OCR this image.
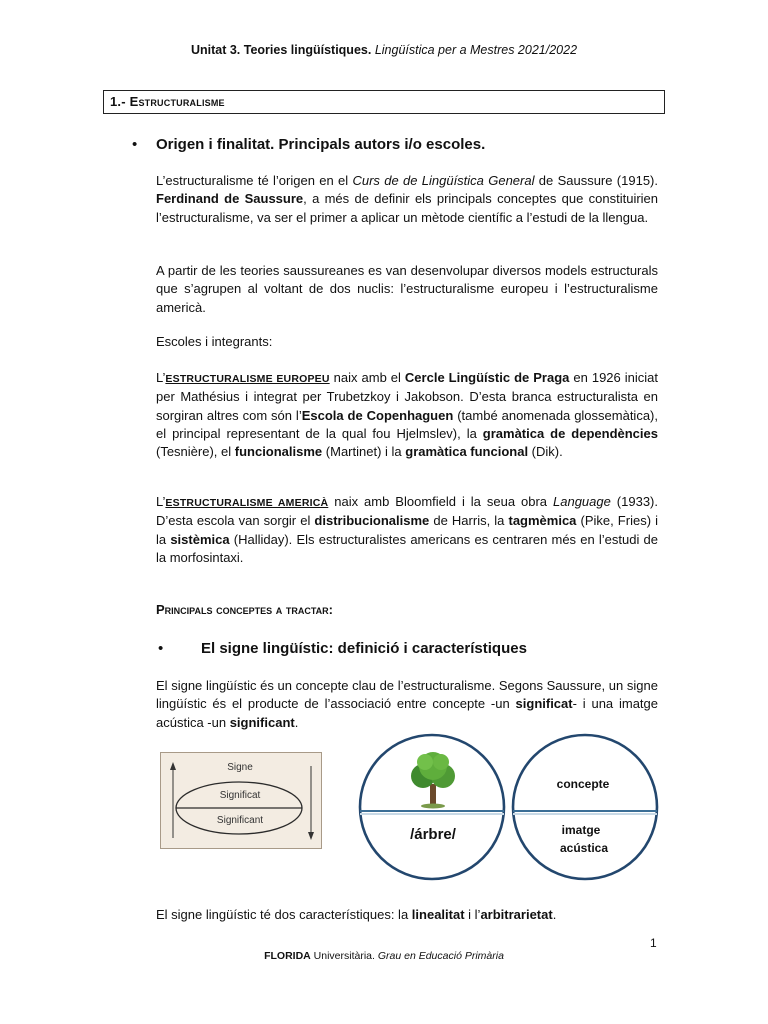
Unitat 3. Teories lingüístiques. Lingüística per a Mestres 2021/2022
1.- Estructuralisme
• Origen i finalitat. Principals autors i/o escoles.
L’estructuralisme té l’origen en el Curs de de Lingüística General de Saussure (1915). Ferdinand de Saussure, a més de definir els principals conceptes que constituirien l’estructuralisme, va ser el primer a aplicar un mètode científic a l’estudi de la llengua.
A partir de les teories saussureanes es van desenvolupar diversos models estructurals que s’agrupen al voltant de dos nuclis: l’estructuralisme europeu i l’estructuralisme americà.
Escoles i integrants:
L’ESTRUCTURALISME EUROPEU naix amb el Cercle Lingüístic de Praga en 1926 iniciat per Mathésius i integrat per Trubetzkoy i Jakobson. D’esta branca estructuralista en sorgiran altres com són l’Escola de Copenhaguen (també anomenada glossemàtica), el principal representant de la qual fou Hjelmslev), la gramàtica de dependències (Tesnière), el funcionalisme (Martinet) i la gramàtica funcional (Dik).
L’ESTRUCTURALISME AMERICÀ naix amb Bloomfield i la seua obra Language (1933). D’esta escola van sorgir el distribucionalisme de Harris, la tagmèmica (Pike, Fries) i la sistèmica (Halliday). Els estructuralistes americans es centraren més en l’estudi de la morfosintaxi.
Principals conceptes a tractar:
•	El signe lingüístic: definició i característiques
El signe lingüístic és un concepte clau de l’estructuralisme. Segons Saussure, un signe lingüístic és el producte de l’associació entre concepte -un significat- i una imatge acústica -un significant.
Signe
Significat
Significant
/árbre/
concepte
imatge
acústica
El signe lingüístic té dos característiques: la linealitat i l’arbitrarietat.
1
FLORIDA Universitària. Grau en Educació Primària
